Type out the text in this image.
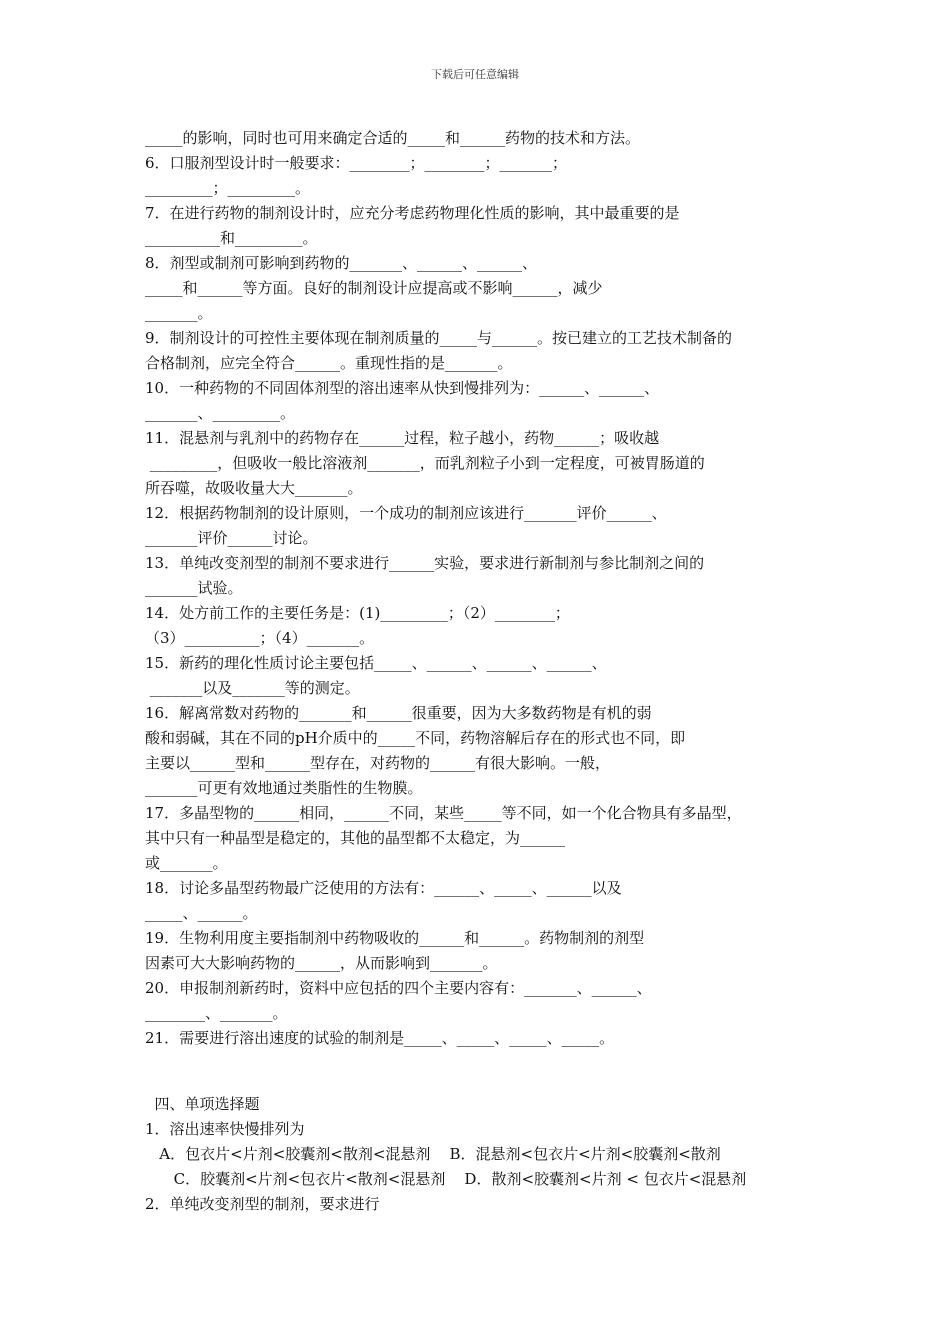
下载后可任意编辑
_____的影响，同时也可用来确定合适的_____和______药物的技术和方法。
6．口服剂型设计时一般要求：________；________；_______；
_________；_________。
7．在进行药物的制剂设计时，应充分考虑药物理化性质的影响，其中最重要的是
__________和_________。
8．剂型或制剂可影响到药物的_______、______、______、
_____和______等方面。良好的制剂设计应提高或不影响______，减少
_______。
9．制剂设计的可控性主要体现在制剂质量的_____与______。按已建立的工艺技术制备的
合格制剂，应完全符合______。重现性指的是_______。
10．一种药物的不同固体剂型的溶出速率从快到慢排列为：______、______、
_______、_________。
11．混悬剂与乳剂中的药物存在______过程，粒子越小，药物______；吸收越
_________，但吸收一般比溶液剂_______，而乳剂粒子小到一定程度，可被胃肠道的
所吞噬，故吸收量大大_______。
12．根据药物制剂的设计原则，一个成功的制剂应该进行_______评价______、
_______评价______讨论。
13．单纯改变剂型的制剂不要求进行______实验，要求进行新制剂与参比制剂之间的
_______试验。
14．处方前工作的主要任务是：(1)_________；（2）________；
（3）__________；（4）_______。
15．新药的理化性质讨论主要包括_____、______、______、______、
_______以及_______等的测定。
16．解离常数对药物的_______和______很重要，因为大多数药物是有机的弱
酸和弱碱，其在不同的pH介质中的_____不同，药物溶解后存在的形式也不同，即
主要以______型和______型存在，对药物的______有很大影响。一般，
_______可更有效地通过类脂性的生物膜。
17．多晶型物的______相同，______不同，某些_____等不同，如一个化合物具有多晶型，
其中只有一种晶型是稳定的，其他的晶型都不太稳定，为______
或_______。
18．讨论多晶型药物最广泛使用的方法有：______、_____、______以及
_____、______。
19．生物利用度主要指制剂中药物吸收的______和______。药物制剂的剂型
因素可大大影响药物的______，从而影响到_______。
20．申报制剂新药时，资料中应包括的四个主要内容有：_______、______、
________、_______。
21．需要进行溶出速度的试验的制剂是_____、_____、_____、_____。
四、单项选择题
1．溶出速率快慢排列为
A．包衣片<片剂<胶囊剂<散剂<混悬剂    B．混悬剂<包衣片<片剂<胶囊剂<散剂
C．胶囊剂<片剂<包衣片<散剂<混悬剂    D．散剂<胶囊剂<片剂 < 包衣片<混悬剂
2．单纯改变剂型的制剂，要求进行
